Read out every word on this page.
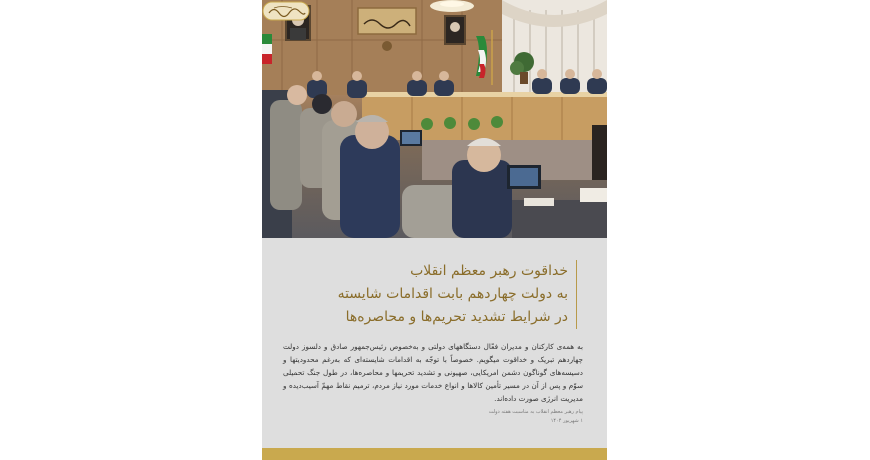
خداقوت رهبر معظم انقلاب
به دولت چهاردهم بابت اقدامات شایسته
در شرایط تشدید تحریم‌ها و محاصره‌ها
به همه‌ی کارکنان و مدیران فعّال دستگاههای دولتی و به‌خصوص رئیس‌جمهور صادق و دلسوز دولت چهاردهم تبریک و خداقوت میگویم. خصوصاً با توجّه به اقدامات شایسته‌ای که به‌رغم محدودیتها و دسیسه‌های گوناگون دشمن امریکایی، صهیونی و تشدید تحریمها و محاصره‌ها، در طول جنگ تحمیلی سوّم و پس از آن در مسیر تأمین کالاها و انواع خدمات مورد نیاز مردم، ترمیم نقاط مهمّ آسیب‌دیده و مدیریت انرژی صورت داده‌اند.
پیام رهبر معظم انقلاب به مناسبت هفته دولت
۱ شهریور ۱۴۰۴
